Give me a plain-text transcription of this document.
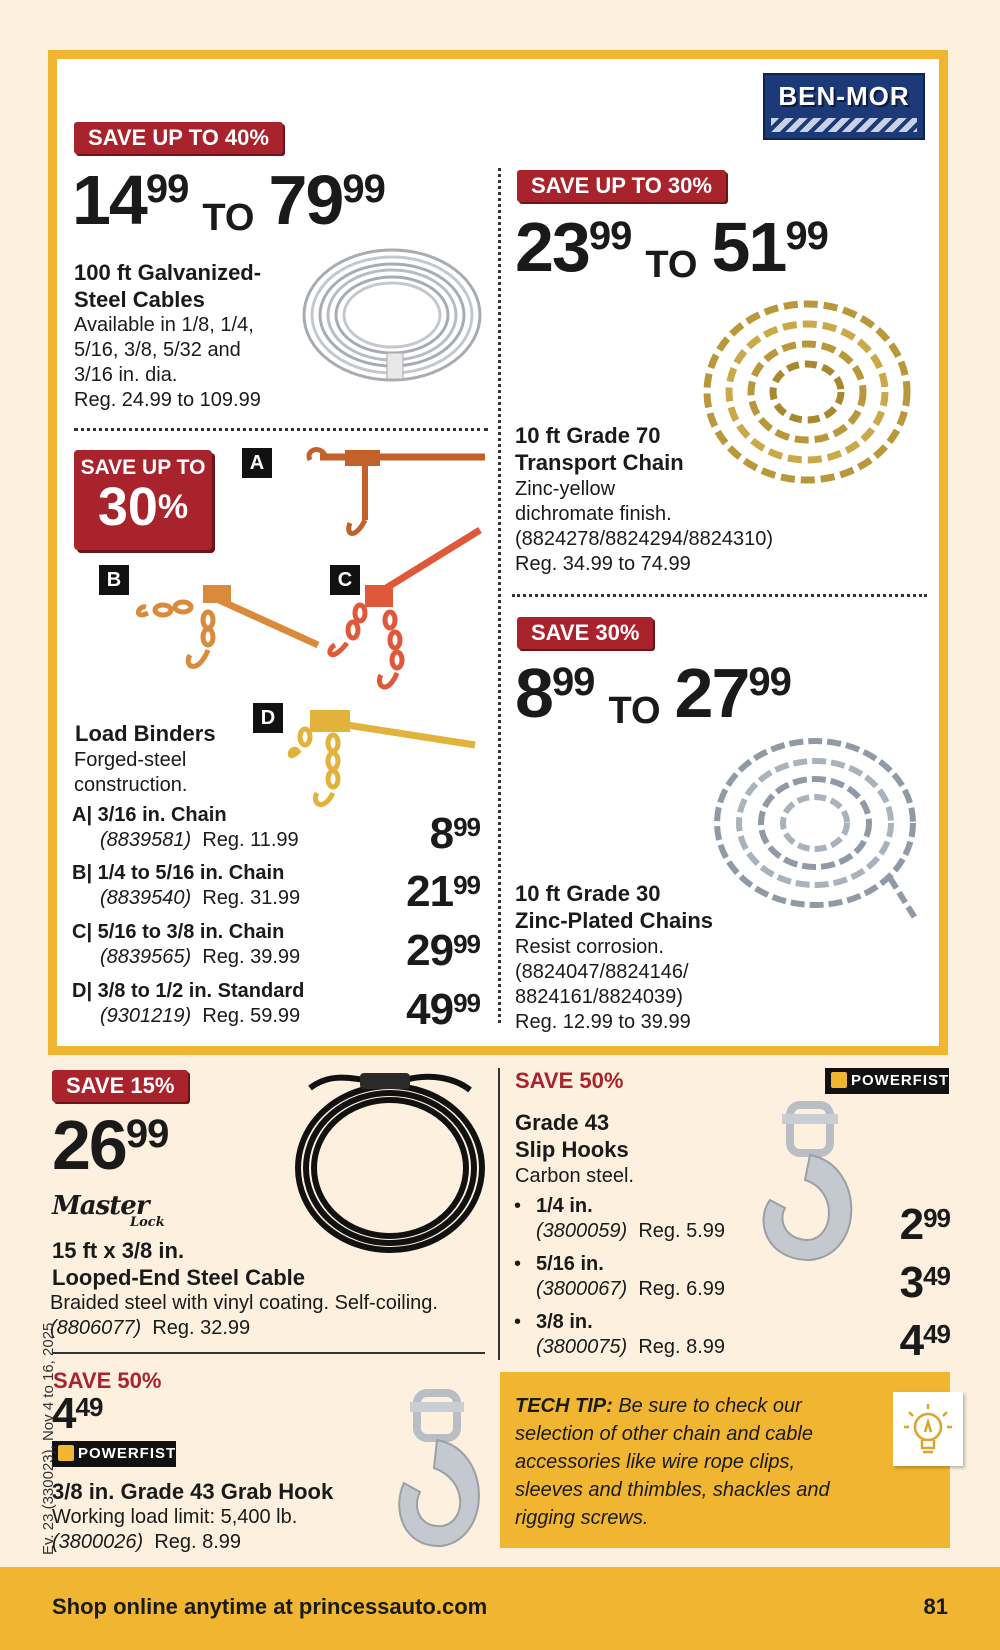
BEN-MOR
SAVE UP TO 40%
$14^{99}TO$ $79^{99}$
100 ft Galvanized-
Steel Cables
Available in 1/8, 1/4,
5/16, 3/8, 5/32 and
3/16 in. dia.
Reg. 24.99 to 109.99
SAVE UP TO 30%
$23^{99}TO$ $51^{99}$
10 ft Grade 70
Transport Chain
Zinc-yellow
dichromate finish.
(8824278/8824294/8824310)
Reg. 34.99 to 74.99
SAVE UP TO
30%
A
B	C
D
Load Binders
Forged-steel
construction.
A| 3/16 in. Chain
(8839581) Reg. 11.99	$8^{99}$
B| 1/4 to 5/16 in. Chain
(8839540) Reg. 31.99	$21^{99}$
C| 5/16 to 3/8 in. Chain
(8839565) Reg. 39.99	$29^{99}$
D| 3/8 to 1/2 in. Standard
(9301219) Reg. 59.99	$49^{99}$
SAVE 30%
$8^{99}TO$ $27^{99}$
10 ft Grade 30
Zinc-Plated Chains
Resist corrosion.
(8824047/8824146/
8824161/8824039)
Reg. 12.99 to 39.99
SAVE 15%
$26^{99}$
Master
Lock
15 ft x 3/8 in.
Looped-End Steel Cable
Braided steel with vinyl coating. Self-coiling.
(8806077) Reg. 32.99
SAVE 50%	POWERFIST
Grade 43
Slip Hooks
Carbon steel.
• 1/4 in.
(3800059) Reg. 5.99	$2^{99}$
• 5/16 in.
(3800067) Reg. 6.99	$3^{49}$
• 3/8 in.
(3800075) Reg. 8.99	$4^{49}$
SAVE 50%
$4^{49}$
POWERFIST
3/8 in. Grade 43 Grab Hook
Working load limit: 5,400 lb.
(3800026) Reg. 8.99
TECH TIP: Be sure to check our
selection of other chain and cable
accessories like wire rope clips,
sleeves and thimbles, shackles and
rigging screws.
Ev. 23 (330023), Nov 4 to 16, 2025
Shop online anytime at princessauto.com	81
